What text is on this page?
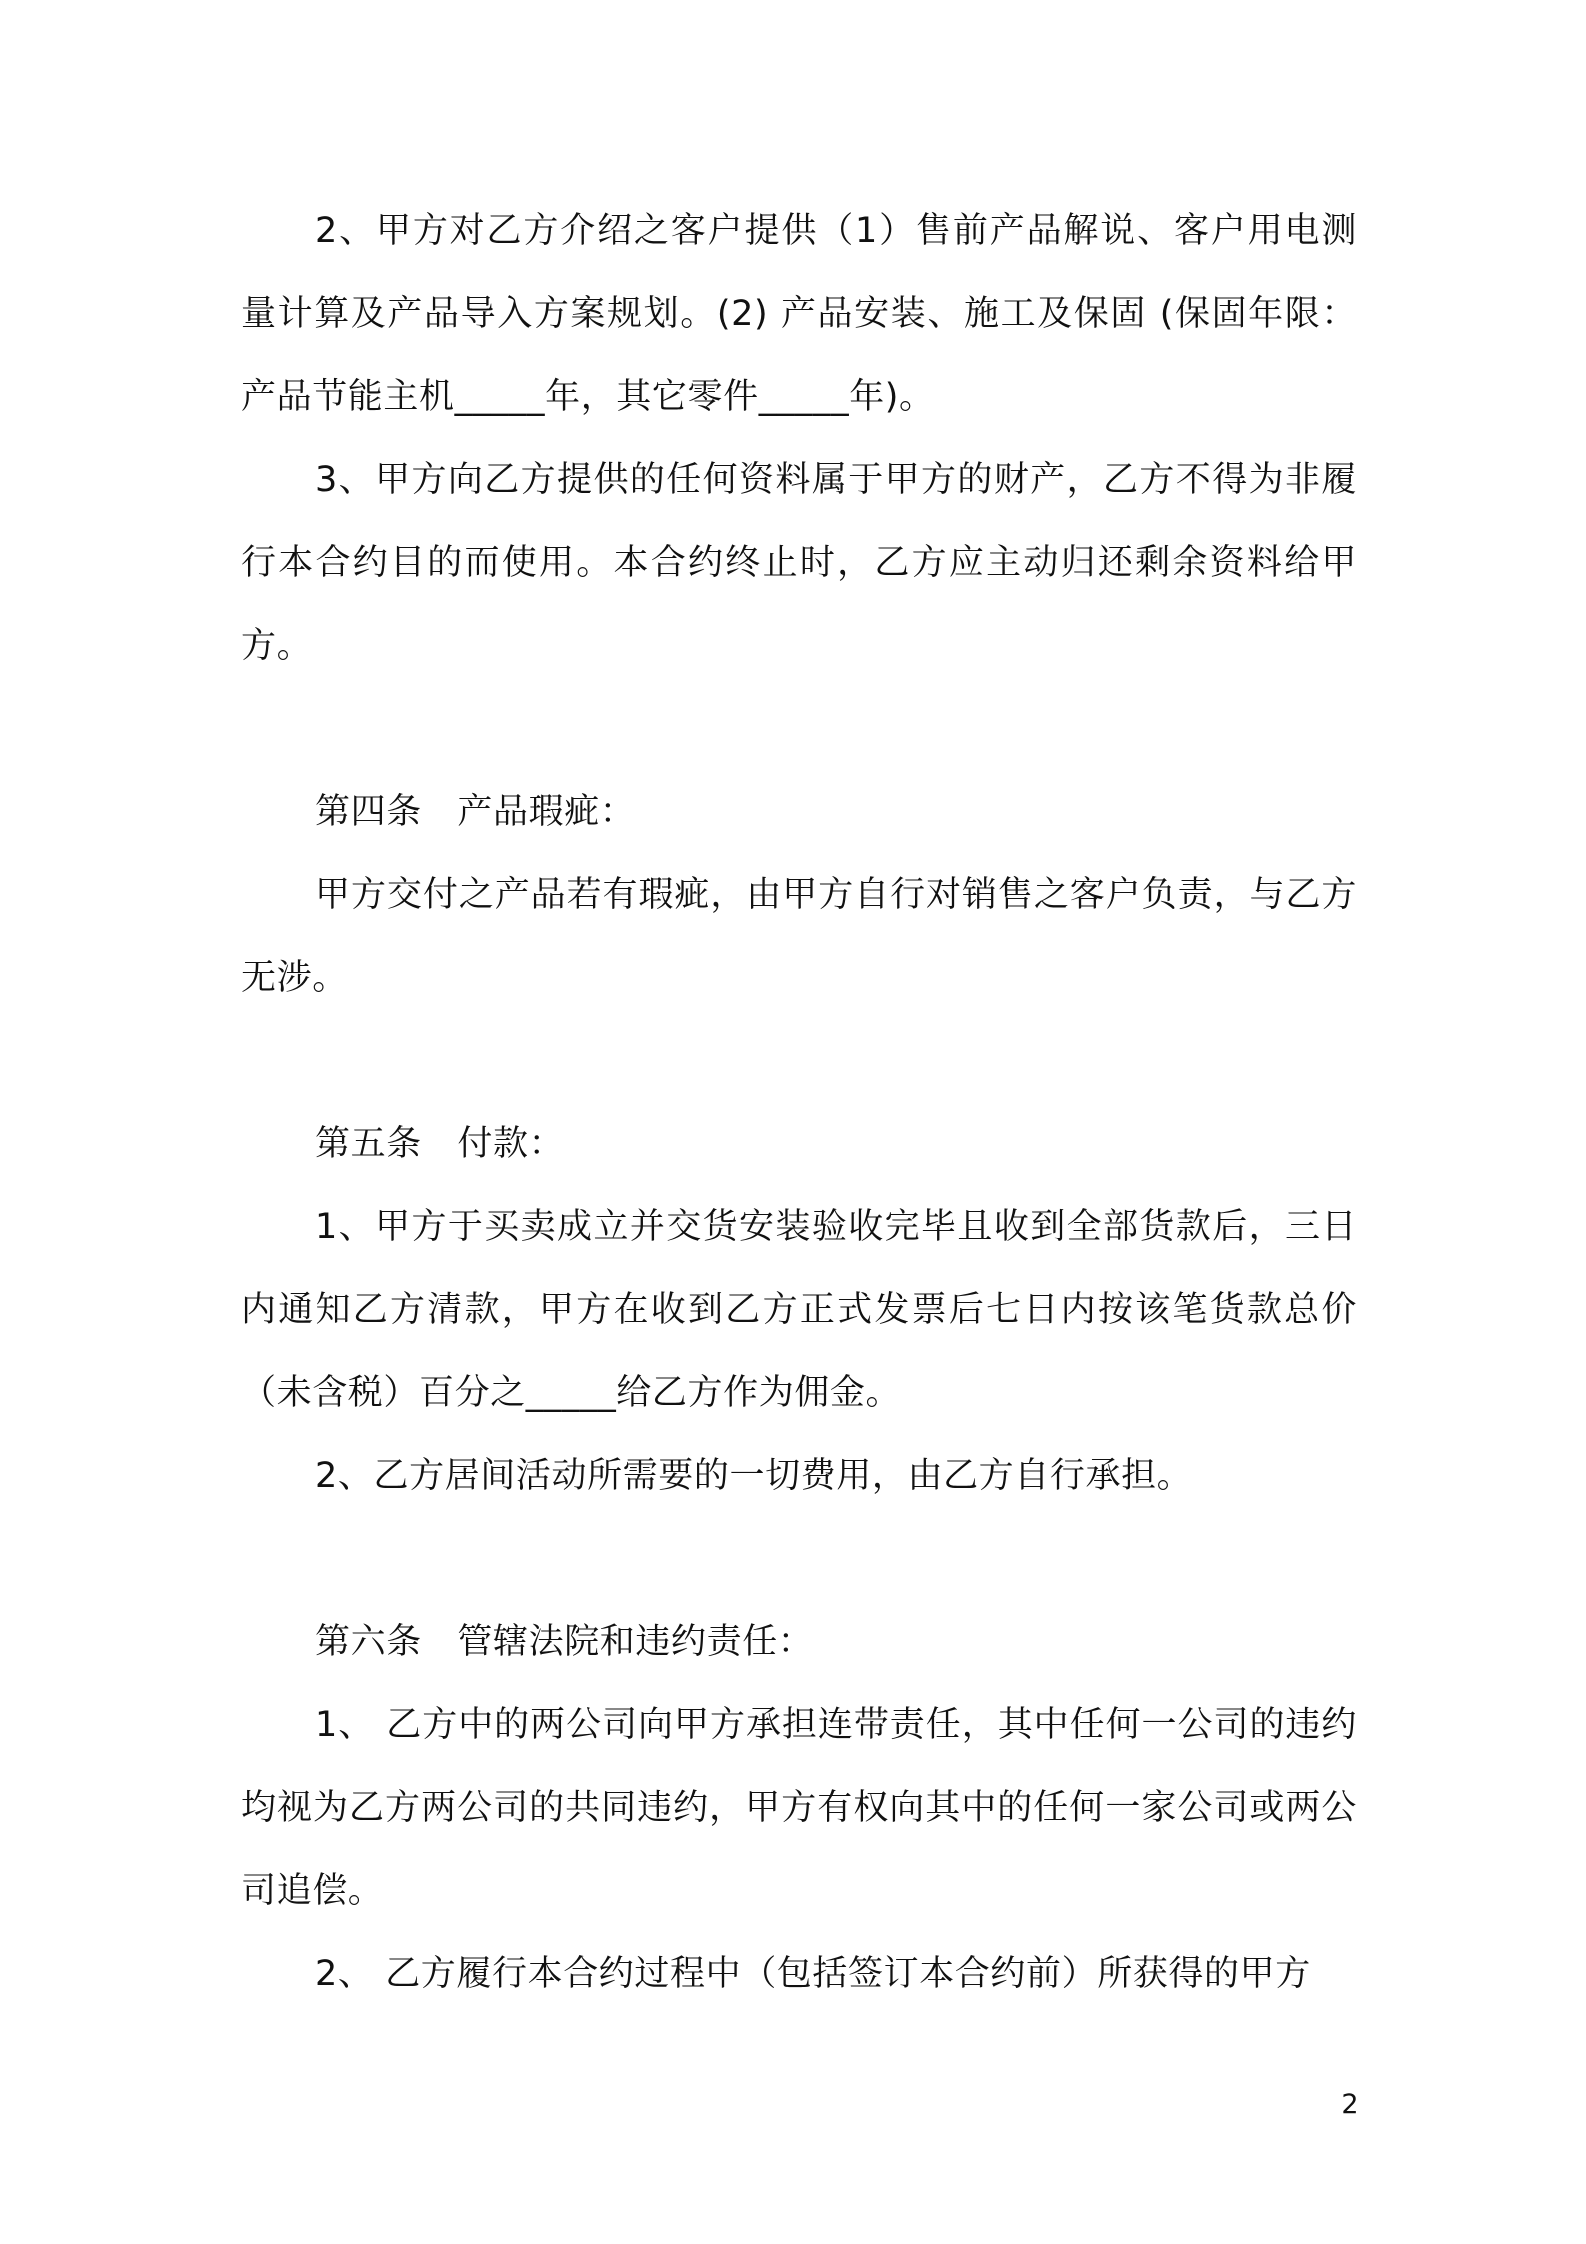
2、甲方对乙方介绍之客户提供（1）售前产品解说、客户用电测量计算及产品导入方案规划。(2) 产品安装、施工及保固 (保固年限：产品节能主机_____年，其它零件_____年)。

3、甲方向乙方提供的任何资料属于甲方的财产，乙方不得为非履行本合约目的而使用。本合约终止时，乙方应主动归还剩余资料给甲方。

第四条　产品瑕疵：

甲方交付之产品若有瑕疵，由甲方自行对销售之客户负责，与乙方无涉。

第五条　付款：

1、甲方于买卖成立并交货安装验收完毕且收到全部货款后，三日内通知乙方清款，甲方在收到乙方正式发票后七日内按该笔货款总价（未含税）百分之_____给乙方作为佣金。

2、乙方居间活动所需要的一切费用，由乙方自行承担。

第六条　管辖法院和违约责任：

1、 乙方中的两公司向甲方承担连带责任，其中任何一公司的违约均视为乙方两公司的共同违约，甲方有权向其中的任何一家公司或两公司追偿。

2、 乙方履行本合约过程中（包括签订本合约前）所获得的甲方

2
